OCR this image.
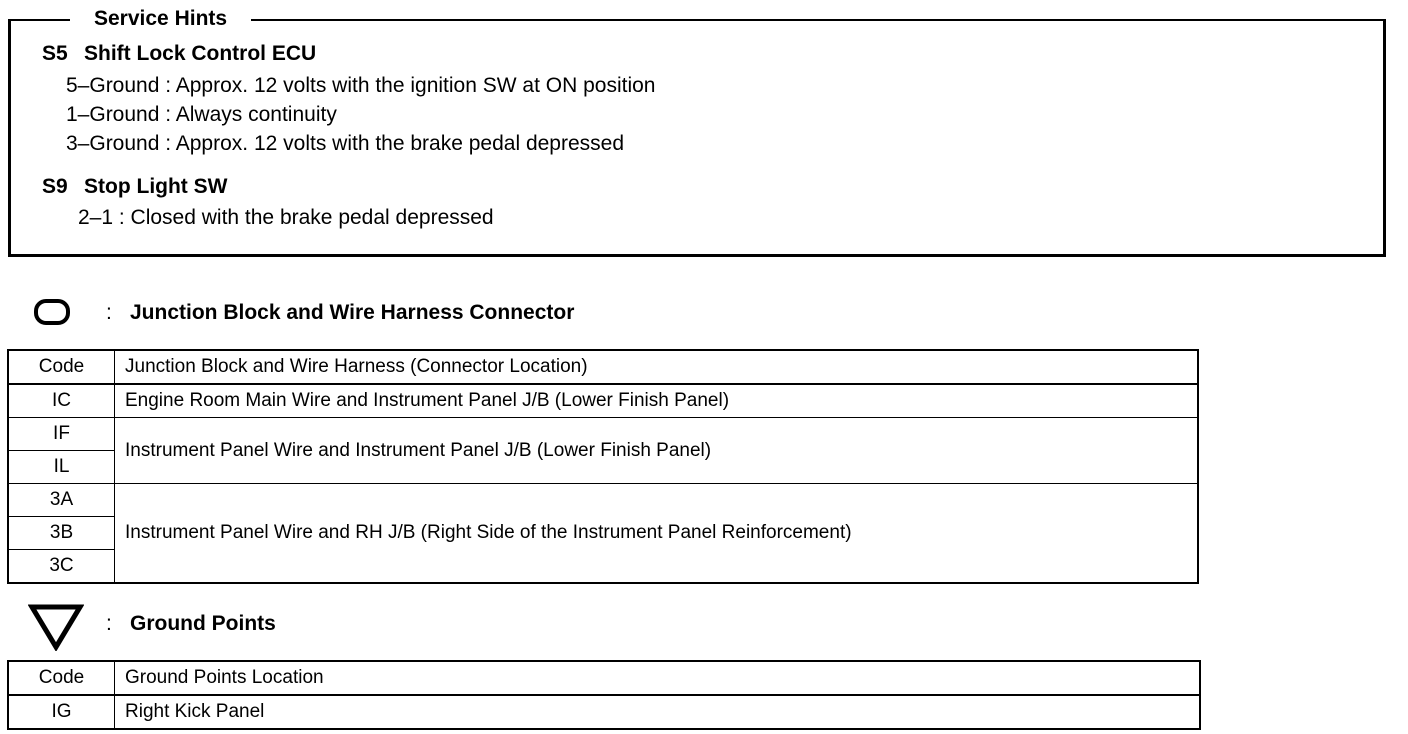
Service Hints
S5 Shift Lock Control ECU
5–Ground : Approx. 12 volts with the ignition SW at ON position
1–Ground : Always continuity
3–Ground : Approx. 12 volts with the brake pedal depressed
S9 Stop Light SW
2–1 : Closed with the brake pedal depressed
: Junction Block and Wire Harness Connector
Code	Junction Block and Wire Harness (Connector Location)
IC	Engine Room Main Wire and Instrument Panel J/B (Lower Finish Panel)
IF	Instrument Panel Wire and Instrument Panel J/B (Lower Finish Panel)
IL	
3A	Instrument Panel Wire and RH J/B (Right Side of the Instrument Panel Reinforcement)
3B	
3C	
: Ground Points
Code	Ground Points Location
IG	Right Kick Panel
